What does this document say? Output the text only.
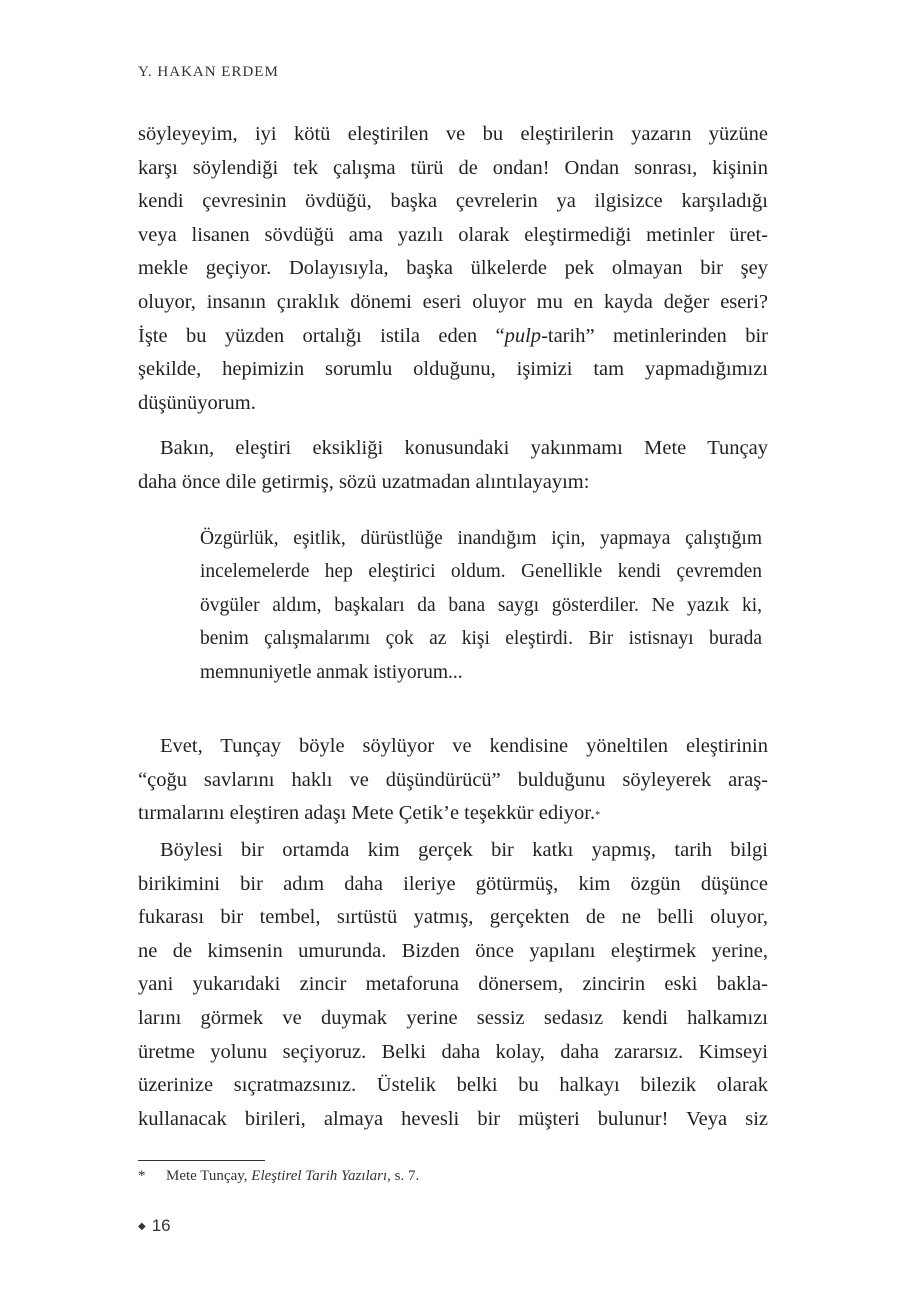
Y. HAKAN ERDEM
söyleyeyim, iyi kötü eleştirilen ve bu eleştirilerin yazarın yüzüne
karşı söylendiği tek çalışma türü de ondan! Ondan sonrası, kişinin
kendi çevresinin övdüğü, başka çevrelerin ya ilgisizce karşıladığı
veya lisanen sövdüğü ama yazılı olarak eleştirmediği metinler üret-
mekle geçiyor. Dolayısıyla, başka ülkelerde pek olmayan bir şey
oluyor, insanın çıraklık dönemi eseri oluyor mu en kayda değer eseri?
İşte bu yüzden ortalığı istila eden “pulp-tarih” metinlerinden bir
şekilde, hepimizin sorumlu olduğunu, işimizi tam yapmadığımızı
düşünüyorum.
Bakın, eleştiri eksikliği konusundaki yakınmamı Mete Tunçay
daha önce dile getirmiş, sözü uzatmadan alıntılayayım:
Özgürlük, eşitlik, dürüstlüğe inandığım için, yapmaya çalıştığım
incelemelerde hep eleştirici oldum. Genellikle kendi çevremden
övgüler aldım, başkaları da bana saygı gösterdiler. Ne yazık ki,
benim çalışmalarımı çok az kişi eleştirdi. Bir istisnayı burada
memnuniyetle anmak istiyorum...
Evet, Tunçay böyle söylüyor ve kendisine yöneltilen eleştirinin
“çoğu savlarını haklı ve düşündürücü” bulduğunu söyleyerek araş-
tırmalarını eleştiren adaşı Mete Çetik’e teşekkür ediyor.*
Böylesi bir ortamda kim gerçek bir katkı yapmış, tarih bilgi
birikimini bir adım daha ileriye götürmüş, kim özgün düşünce
fukarası bir tembel, sırtüstü yatmış, gerçekten de ne belli oluyor,
ne de kimsenin umurunda. Bizden önce yapılanı eleştirmek yerine,
yani yukarıdaki zincir metaforuna dönersem, zincirin eski bakla-
larını görmek ve duymak yerine sessiz sedasız kendi halkamızı
üretme yolunu seçiyoruz. Belki daha kolay, daha zararsız. Kimseyi
üzerinize sıçratmazsınız. Üstelik belki bu halkayı bilezik olarak
kullanacak birileri, almaya hevesli bir müşteri bulunur! Veya siz
* Mete Tunçay, Eleştirel Tarih Yazıları, s. 7.
◆ 16
